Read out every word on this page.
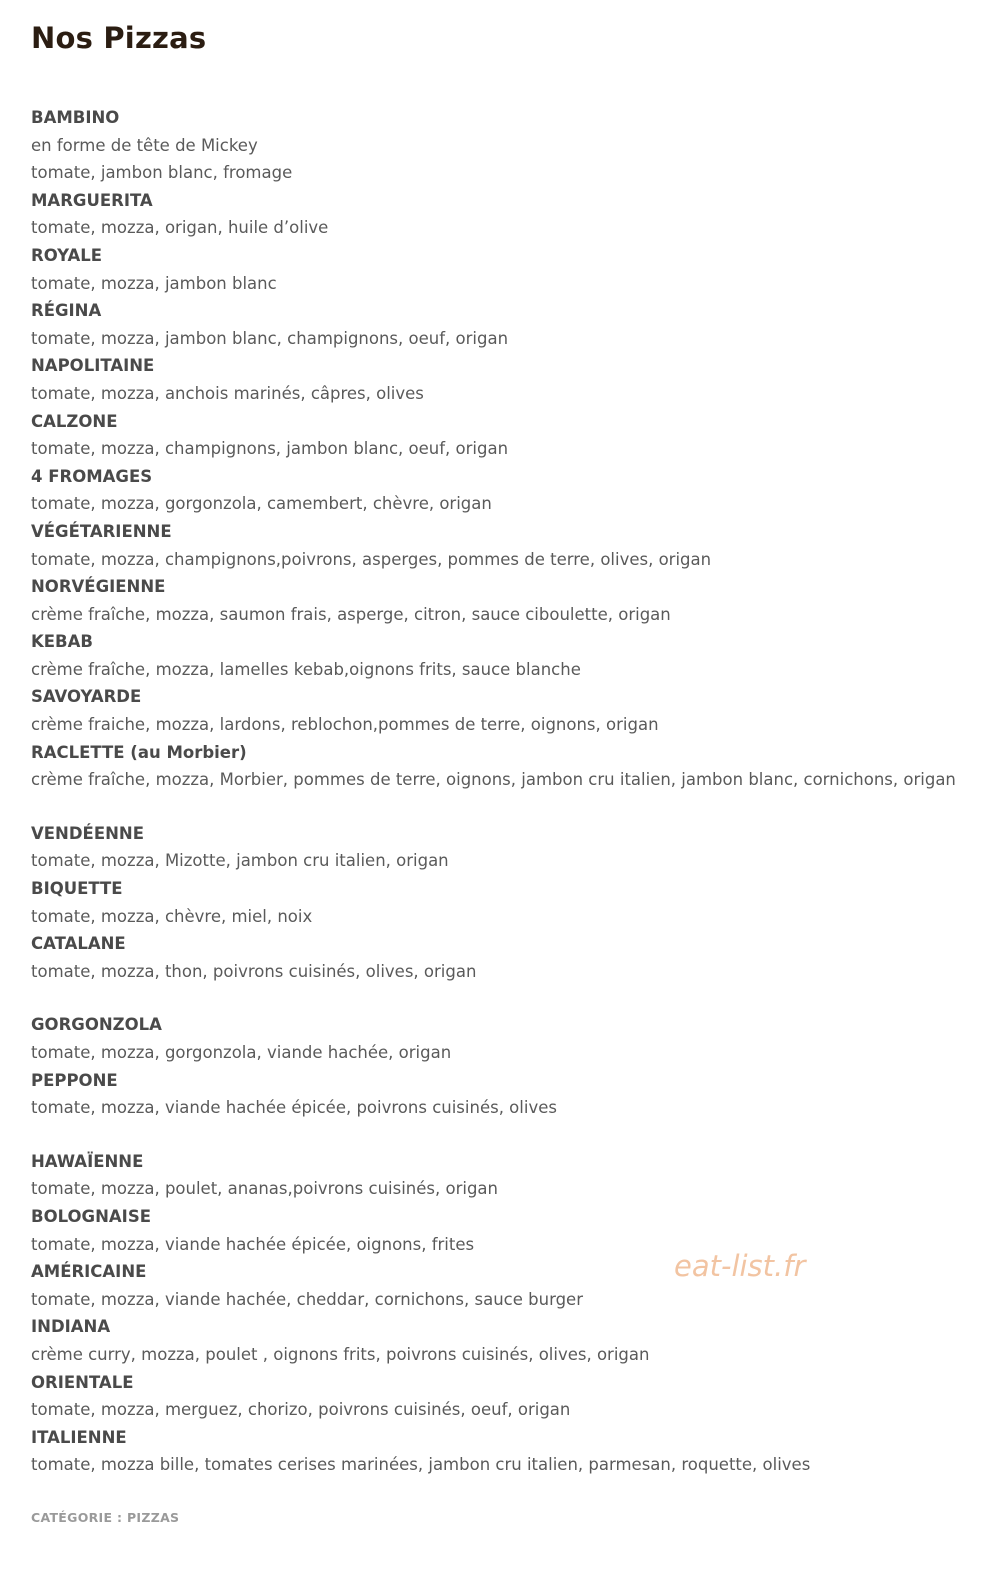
Nos Pizzas
BAMBINO
en forme de tête de Mickey
tomate, jambon blanc, fromage
MARGUERITA
tomate, mozza, origan, huile d’olive
ROYALE
tomate, mozza, jambon blanc
RÉGINA
tomate, mozza, jambon blanc, champignons, oeuf, origan
NAPOLITAINE
tomate, mozza, anchois marinés, câpres, olives
CALZONE
tomate, mozza, champignons, jambon blanc, oeuf, origan
4 FROMAGES
tomate, mozza, gorgonzola, camembert, chèvre, origan
VÉGÉTARIENNE
tomate, mozza, champignons,poivrons, asperges, pommes de terre, olives, origan
NORVÉGIENNE
crème fraîche, mozza, saumon frais, asperge, citron, sauce ciboulette, origan
KEBAB
crème fraîche, mozza, lamelles kebab,oignons frits, sauce blanche
SAVOYARDE
crème fraiche, mozza, lardons, reblochon,pommes de terre, oignons, origan
RACLETTE (au Morbier)
crème fraîche, mozza, Morbier, pommes de terre, oignons, jambon cru italien, jambon blanc, cornichons, origan
VENDÉENNE
tomate, mozza, Mizotte, jambon cru italien, origan
BIQUETTE
tomate, mozza, chèvre, miel, noix
CATALANE
tomate, mozza, thon, poivrons cuisinés, olives, origan
GORGONZOLA
tomate, mozza, gorgonzola, viande hachée, origan
PEPPONE
tomate, mozza, viande hachée épicée, poivrons cuisinés, olives
HAWAÏENNE
tomate, mozza, poulet, ananas,poivrons cuisinés, origan
BOLOGNAISE
tomate, mozza, viande hachée épicée, oignons, frites
AMÉRICAINE
tomate, mozza, viande hachée, cheddar, cornichons, sauce burger
INDIANA
crème curry, mozza, poulet , oignons frits, poivrons cuisinés, olives, origan
ORIENTALE
tomate, mozza, merguez, chorizo, poivrons cuisinés, oeuf, origan
ITALIENNE
tomate, mozza bille, tomates cerises marinées, jambon cru italien, parmesan, roquette, olives
CATÉGORIE : PIZZAS
eat-list.fr
